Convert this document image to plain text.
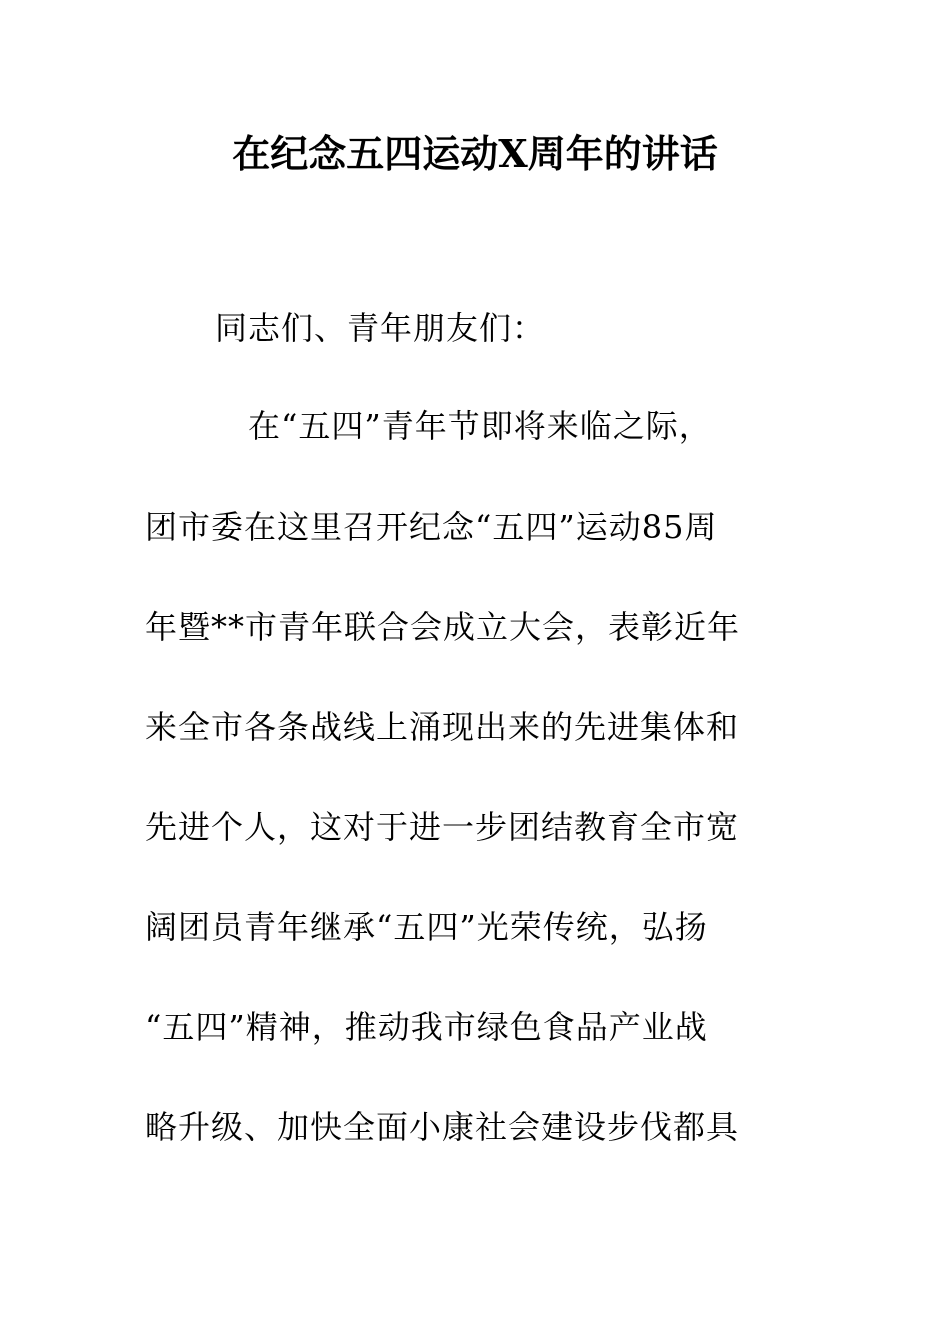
在纪念五四运动X周年的讲话
同志们、青年朋友们：
在“五四”青年节即将来临之际，
团市委在这里召开纪念“五四”运动85周
年暨**市青年联合会成立大会，表彰近年
来全市各条战线上涌现出来的先进集体和
先进个人，这对于进一步团结教育全市宽
阔团员青年继承“五四”光荣传统，弘扬
“五四”精神，推动我市绿色食品产业战
略升级、加快全面小康社会建设步伐都具
